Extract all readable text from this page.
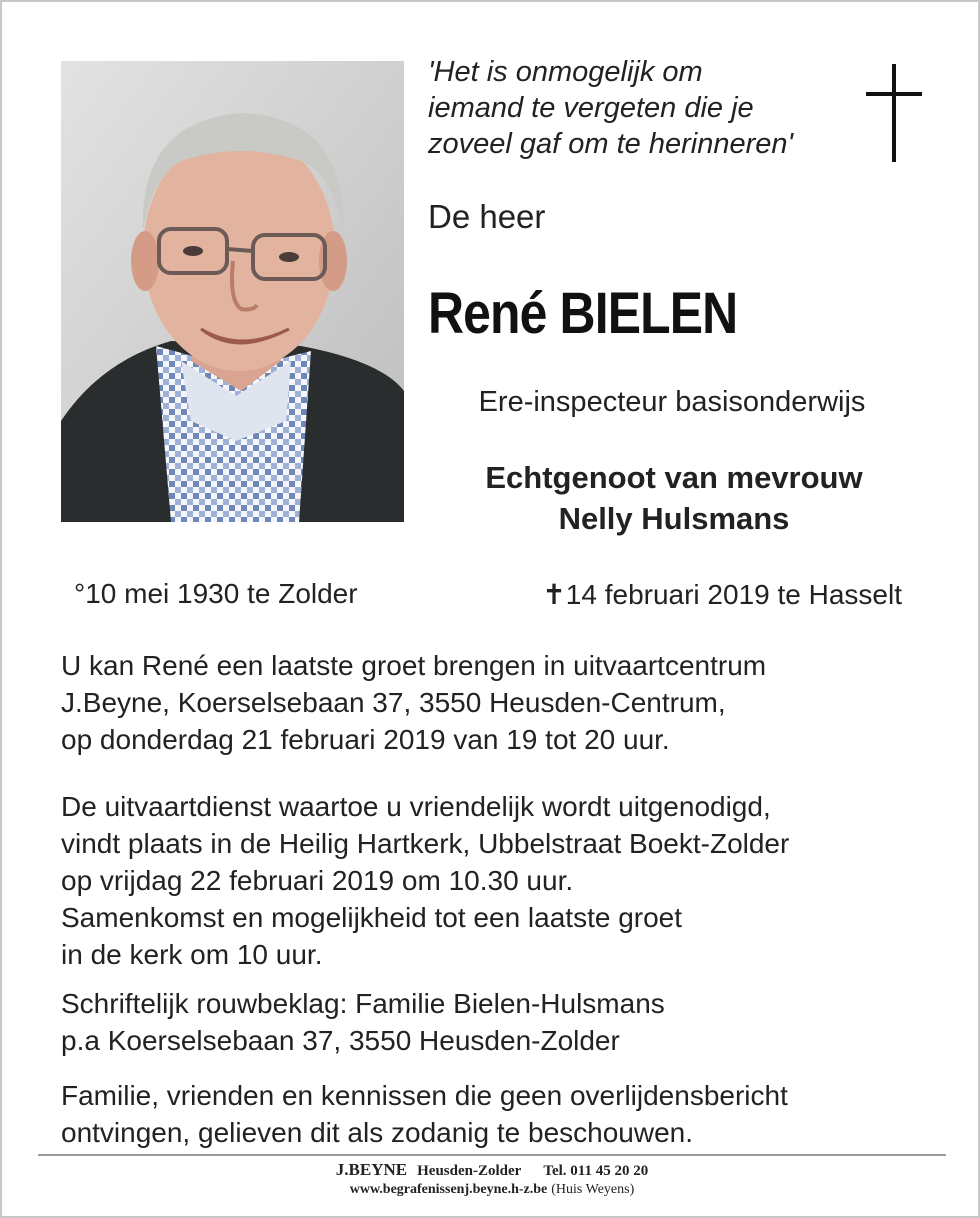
'Het is onmogelijk om
iemand te vergeten die je
zoveel gaf om te herinneren'
De heer
René BIELEN
Ere-inspecteur basisonderwijs
Echtgenoot van mevrouw
Nelly Hulsmans
°10 mei 1930 te Zolder	✝14 februari 2019 te Hasselt
U kan René een laatste groet brengen in uitvaartcentrum
J.Beyne, Koerselsebaan 37, 3550 Heusden-Centrum,
op donderdag 21 februari 2019 van 19 tot 20 uur.
De uitvaartdienst waartoe u vriendelijk wordt uitgenodigd,
vindt plaats in de Heilig Hartkerk, Ubbelstraat Boekt-Zolder
op vrijdag 22 februari 2019 om 10.30 uur.
Samenkomst en mogelijkheid tot een laatste groet
in de kerk om 10 uur.
Schriftelijk rouwbeklag: Familie Bielen-Hulsmans
p.a Koerselsebaan 37, 3550 Heusden-Zolder
Familie, vrienden en kennissen die geen overlijdensbericht
ontvingen, gelieven dit als zodanig te beschouwen.
J.BEYNE Heusden-Zolder Tel. 011 45 20 20
www.begrafenissenj.beyne.h-z.be (Huis Weyens)
